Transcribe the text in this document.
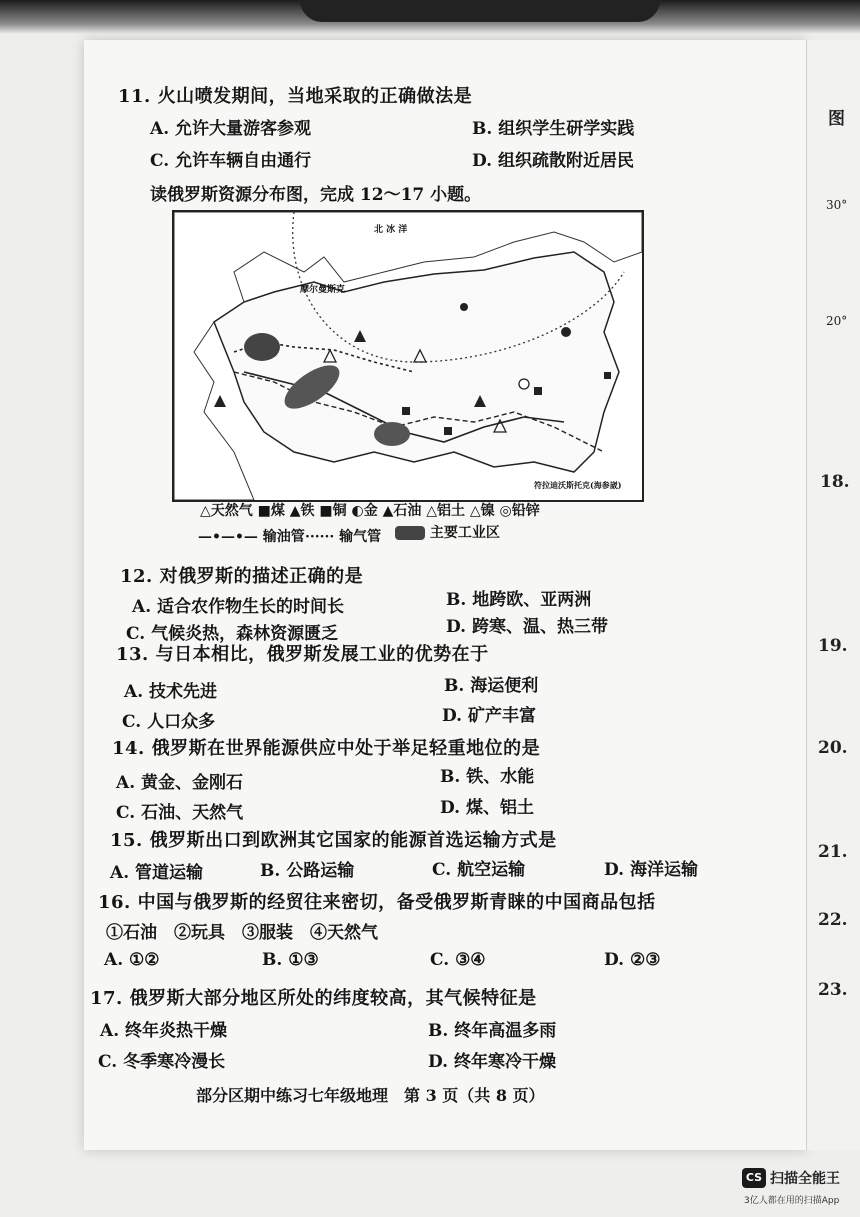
图
30°
20°
18.
19.
20.
21.
22.
23.
11. 火山喷发期间，当地采取的正确做法是
A. 允许大量游客参观	B. 组织学生研学实践
C. 允许车辆自由通行	D. 组织疏散附近居民
读俄罗斯资源分布图，完成 12～17 小题。
北 冰 洋
摩尔曼斯克
符拉迪沃斯托克(海参崴)
△天然气 ■煤 ▲铁 ■铜 ◐金 ▲石油 △铝土 △镍 ◎铅锌
—•—•— 输油管 ······ 输气管	主要工业区
12. 对俄罗斯的描述正确的是
A. 适合农作物生长的时间长	B. 地跨欧、亚两洲
C. 气候炎热，森林资源匮乏	D. 跨寒、温、热三带
13. 与日本相比，俄罗斯发展工业的优势在于
A. 技术先进	B. 海运便利
C. 人口众多	D. 矿产丰富
14. 俄罗斯在世界能源供应中处于举足轻重地位的是
A. 黄金、金刚石	B. 铁、水能
C. 石油、天然气	D. 煤、铝土
15. 俄罗斯出口到欧洲其它国家的能源首选运输方式是
A. 管道运输	B. 公路运输	C. 航空运输	D. 海洋运输
16. 中国与俄罗斯的经贸往来密切，备受俄罗斯青睐的中国商品包括
①石油　②玩具　③服装　④天然气
A. ①②	B. ①③	C. ③④	D. ②③
17. 俄罗斯大部分地区所处的纬度较高，其气候特征是
A. 终年炎热干燥	B. 终年高温多雨
C. 冬季寒冷漫长	D. 终年寒冷干燥
部分区期中练习七年级地理　第 3 页（共 8 页）
CS 扫描全能王
3亿人都在用的扫描App
